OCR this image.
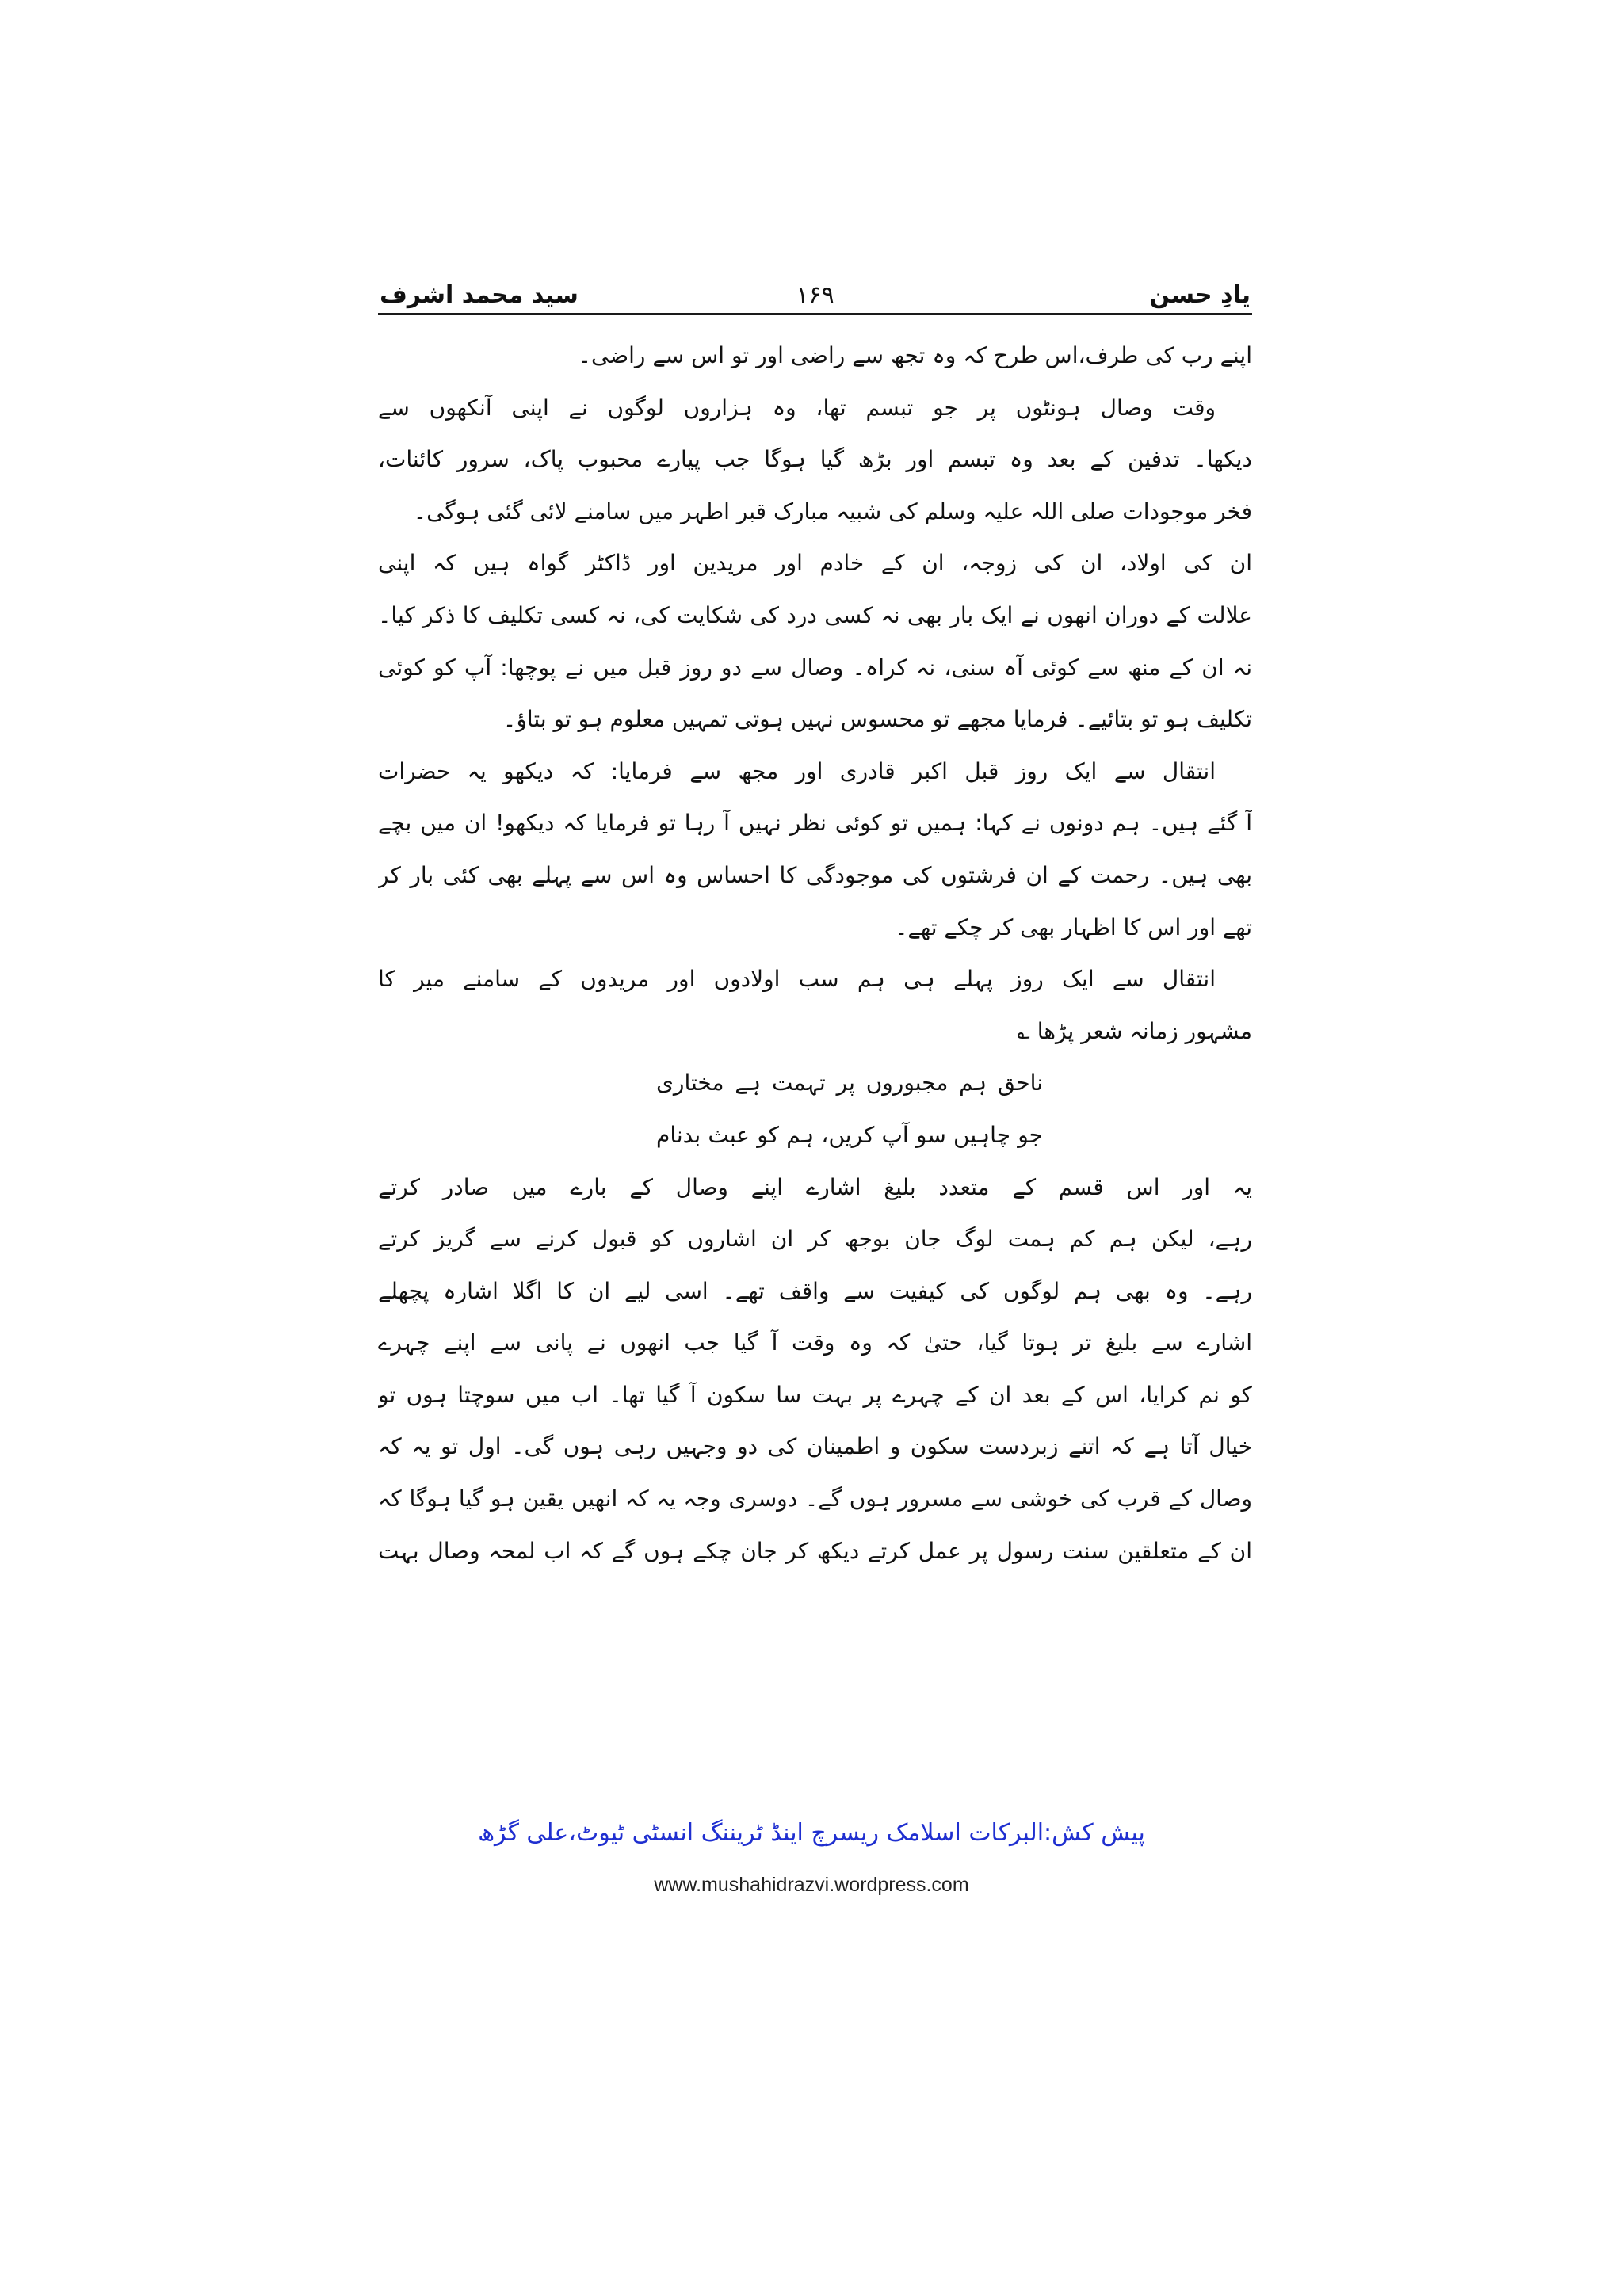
یادِ حسن
۱۶۹
سید محمد اشرف
اپنے رب کی طرف،اس طرح کہ وہ تجھ سے راضی اور تو اس سے راضی۔
وقت وصال ہونٹوں پر جو تبسم تھا، وہ ہزاروں لوگوں نے اپنی آنکھوں سے
دیکھا۔ تدفین کے بعد وہ تبسم اور بڑھ گیا ہوگا جب پیارے محبوب پاک، سرور کائنات،
فخر موجودات صلی اللہ علیہ وسلم کی شبیہ مبارک قبر اطہر میں سامنے لائی گئی ہوگی۔
ان کی اولاد، ان کی زوجہ، ان کے خادم اور مریدین اور ڈاکٹر گواہ ہیں کہ اپنی
علالت کے دوران انھوں نے ایک بار بھی نہ کسی درد کی شکایت کی، نہ کسی تکلیف کا ذکر کیا۔
نہ ان کے منھ سے کوئی آہ سنی، نہ کراہ۔ وصال سے دو روز قبل میں نے پوچھا: آپ کو کوئی
تکلیف ہو تو بتائیے۔ فرمایا مجھے تو محسوس نہیں ہوتی تمہیں معلوم ہو تو بتاؤ۔
انتقال سے ایک روز قبل اکبر قادری اور مجھ سے فرمایا: کہ دیکھو یہ حضرات
آ گئے ہیں۔ ہم دونوں نے کہا: ہمیں تو کوئی نظر نہیں آ رہا تو فرمایا کہ دیکھو! ان میں بچے
بھی ہیں۔ رحمت کے ان فرشتوں کی موجودگی کا احساس وہ اس سے پہلے بھی کئی بار کر
تھے اور اس کا اظہار بھی کر چکے تھے۔
انتقال سے ایک روز پہلے ہی ہم سب اولادوں اور مریدوں کے سامنے میر کا
مشہور زمانہ شعر پڑھا ؎
ناحق ہم مجبوروں پر تہمت ہے مختاری
جو چاہیں سو آپ کریں، ہم کو عبث بدنام
یہ اور اس قسم کے متعدد بلیغ اشارے اپنے وصال کے بارے میں صادر کرتے
رہے، لیکن ہم کم ہمت لوگ جان بوجھ کر ان اشاروں کو قبول کرنے سے گریز کرتے
رہے۔ وہ بھی ہم لوگوں کی کیفیت سے واقف تھے۔ اسی لیے ان کا اگلا اشارہ پچھلے
اشارے سے بلیغ تر ہوتا گیا، حتیٰ کہ وہ وقت آ گیا جب انھوں نے پانی سے اپنے چہرے
کو نم کرایا، اس کے بعد ان کے چہرے پر بہت سا سکون آ گیا تھا۔ اب میں سوچتا ہوں تو
خیال آتا ہے کہ اتنے زبردست سکون و اطمینان کی دو وجہیں رہی ہوں گی۔ اول تو یہ کہ
وصال کے قرب کی خوشی سے مسرور ہوں گے۔ دوسری وجہ یہ کہ انھیں یقین ہو گیا ہوگا کہ
ان کے متعلقین سنت رسول پر عمل کرتے دیکھ کر جان چکے ہوں گے کہ اب لمحہ وصال بہت
پیش کش:البرکات اسلامک ریسرچ اینڈ ٹریننگ انسٹی ٹیوٹ،علی گڑھ
www.mushahidrazvi.wordpress.com
